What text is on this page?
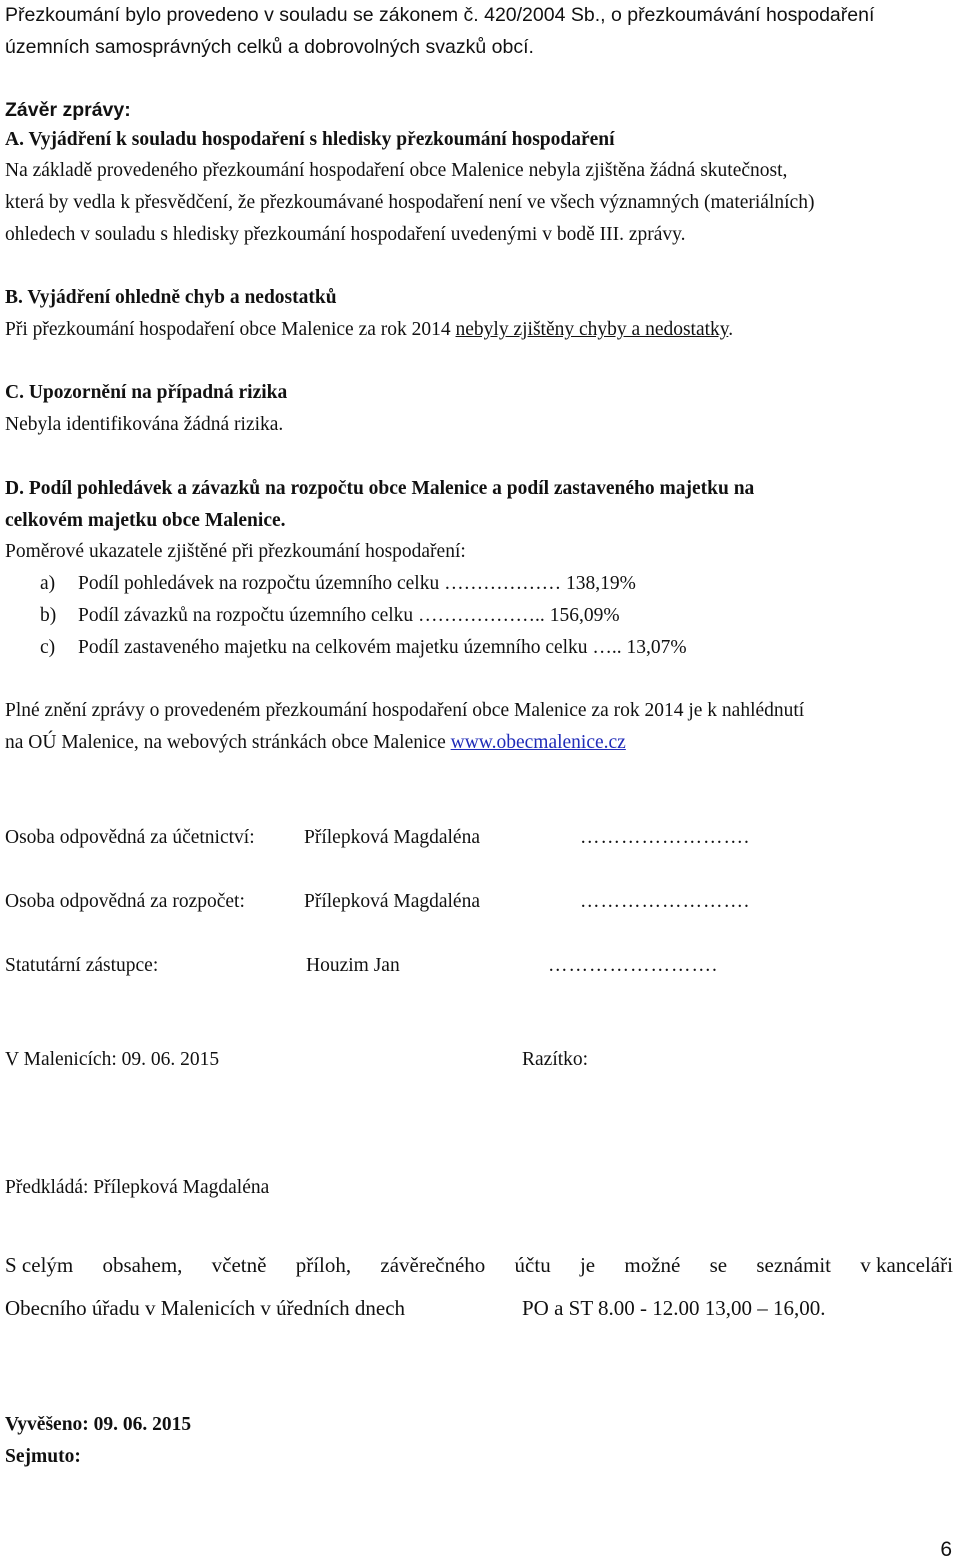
Přezkoumání bylo provedeno v souladu se zákonem č. 420/2004 Sb., o přezkoumávání hospodaření
územních samosprávných celků a dobrovolných svazků obcí.
Závěr zprávy:
A. Vyjádření k souladu hospodaření s hledisky přezkoumání hospodaření
Na základě provedeného přezkoumání hospodaření obce Malenice nebyla zjištěna žádná skutečnost,
která by vedla k přesvědčení, že přezkoumávané hospodaření není ve všech významných (materiálních)
ohledech v souladu s hledisky přezkoumání hospodaření uvedenými v bodě III. zprávy.
B. Vyjádření ohledně chyb a nedostatků
Při přezkoumání hospodaření obce Malenice za rok 2014 nebyly zjištěny chyby a nedostatky.
C. Upozornění na případná rizika
Nebyla identifikována žádná rizika.
D. Podíl pohledávek a závazků na rozpočtu obce Malenice a podíl zastaveného majetku na
celkovém majetku obce Malenice.
Poměrové ukazatele zjištěné při přezkoumání hospodaření:
a) Podíl pohledávek na rozpočtu územního celku ……………… 138,19%
b) Podíl závazků na rozpočtu územního celku ……………….. 156,09%
c) Podíl zastaveného majetku na celkovém majetku územního celku ….. 13,07%
Plné znění zprávy o provedeném přezkoumání hospodaření obce Malenice za rok 2014 je k nahlédnutí
na OÚ Malenice, na webových stránkách obce Malenice www.obecmalenice.cz
Osoba odpovědná za účetnictví:	Přílepková Magdaléna	…………………….
Osoba odpovědná za rozpočet:	Přílepková Magdaléna	…………………….
Statutární zástupce:	Houzim Jan	…………………….
V Malenicích: 09. 06. 2015	Razítko:
Předkládá: Přílepková Magdaléna
S celým obsahem, včetně příloh, závěrečného účtu je možné se seznámit v kanceláři
Obecního úřadu v Malenicích v úředních dnech	PO a ST 8.00 - 12.00 13,00 – 16,00.
Vyvěšeno: 09. 06. 2015
Sejmuto:
6
